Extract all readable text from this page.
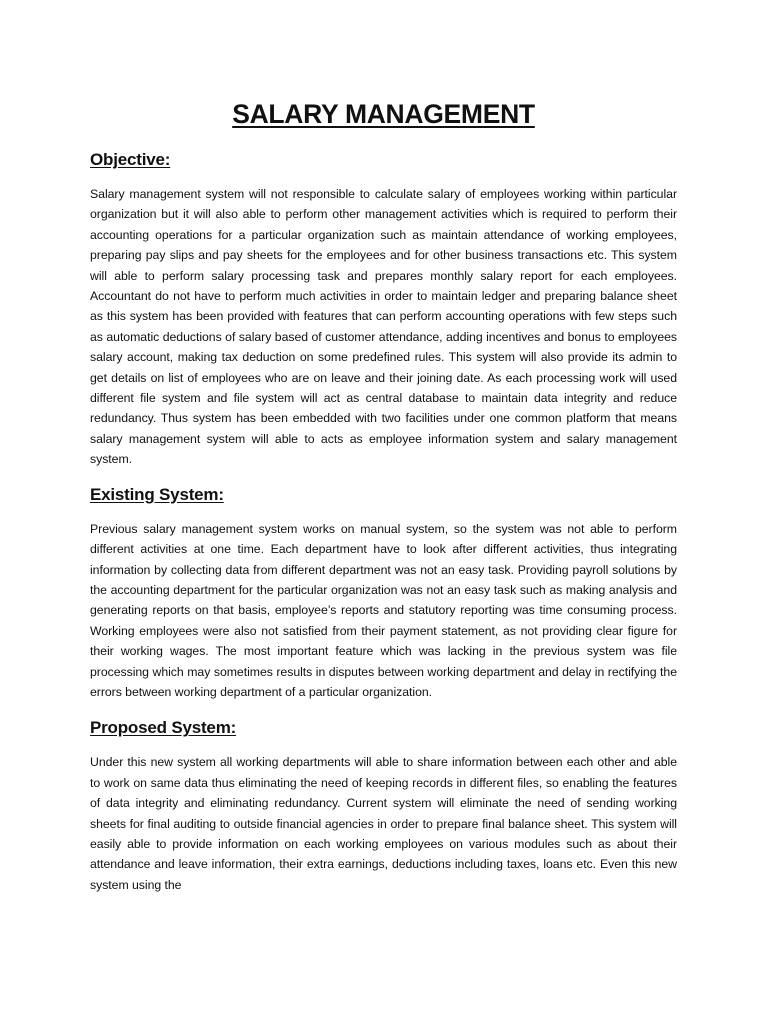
SALARY MANAGEMENT
Objective:

Salary management system will not responsible to calculate salary of employees working within particular organization but it will also able to perform other management activities which is required to perform their accounting operations for a particular organization such as maintain attendance of working employees, preparing pay slips and pay sheets for the employees and for other business transactions etc. This system will able to perform salary processing task and prepares monthly salary report for each employees. Accountant do not have to perform much activities in order to maintain ledger and preparing balance sheet as this system has been provided with features that can perform accounting operations with few steps such as automatic deductions of salary based of customer attendance, adding incentives and bonus to employees salary account, making tax deduction on some predefined rules. This system will also provide its admin to get details on list of employees who are on leave and their joining date. As each processing work will used different file system and file system will act as central database to maintain data integrity and reduce redundancy. Thus system has been embedded with two facilities under one common platform that means salary management system will able to acts as employee information system and salary management system.

Existing System:

Previous salary management system works on manual system, so the system was not able to perform different activities at one time. Each department have to look after different activities, thus integrating information by collecting data from different department was not an easy task. Providing payroll solutions by the accounting department for the particular organization was not an easy task such as making analysis and generating reports on that basis, employee’s reports and statutory reporting was time consuming process. Working employees were also not satisfied from their payment statement, as not providing clear figure for their working wages. The most important feature which was lacking in the previous system was file processing which may sometimes results in disputes between working department and delay in rectifying the errors between working department of a particular organization.

Proposed System:

Under this new system all working departments will able to share information between each other and able to work on same data thus eliminating the need of keeping records in different files, so enabling the features of data integrity and eliminating redundancy. Current system will eliminate the need of sending working sheets for final auditing to outside financial agencies in order to prepare final balance sheet. This system will easily able to provide information on each working employees on various modules such as about their attendance and leave information, their extra earnings, deductions including taxes, loans etc. Even this new system using the
